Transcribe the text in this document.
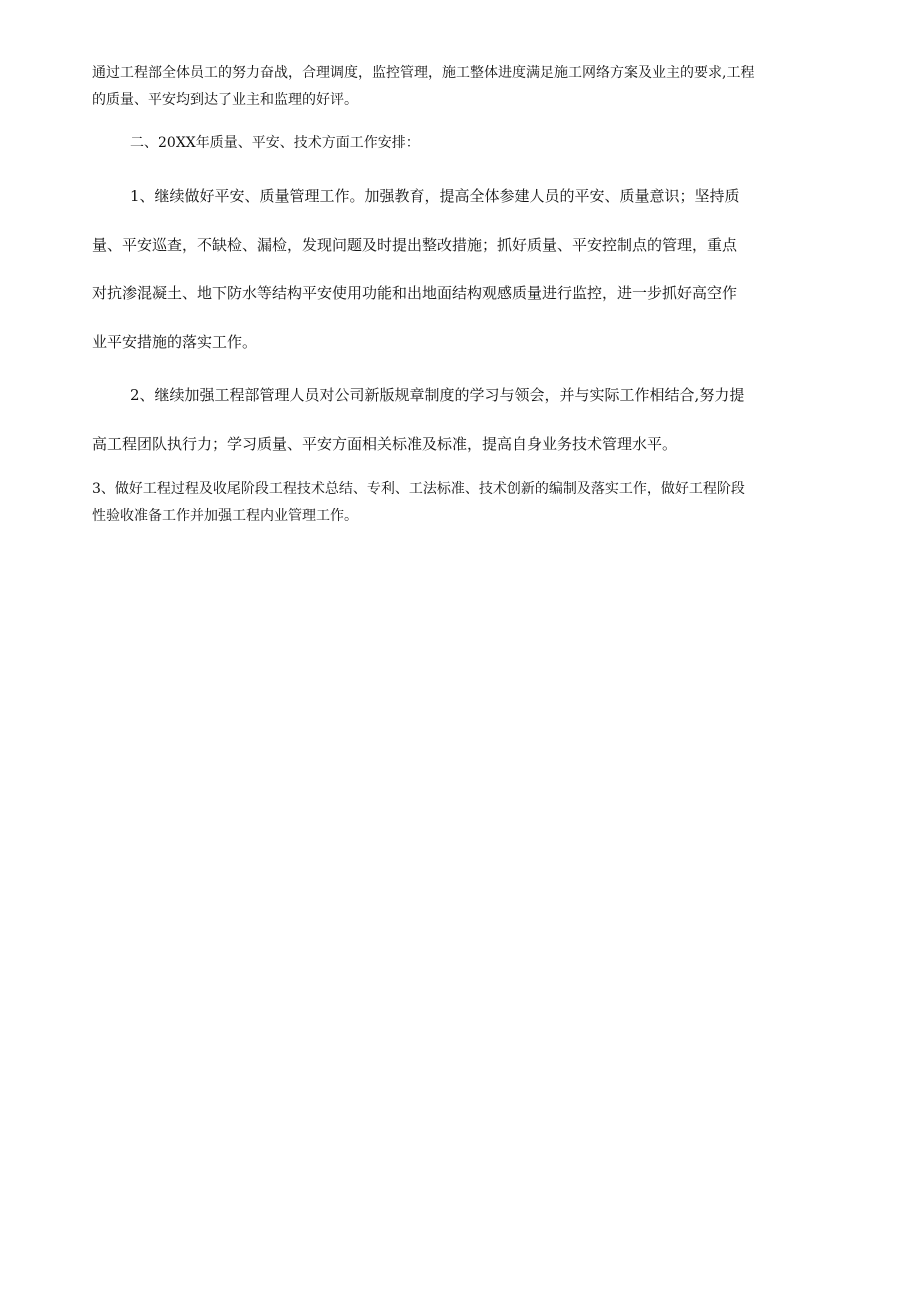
通过工程部全体员工的努力奋战，合理调度，监控管理，施工整体进度满足施工网络方案及业主的要求,工程
的质量、平安均到达了业主和监理的好评。
二、20XX年质量、平安、技术方面工作安排：
1、继续做好平安、质量管理工作。加强教育，提高全体参建人员的平安、质量意识；坚持质
量、平安巡查，不缺检、漏检，发现问题及时提出整改措施；抓好质量、平安控制点的管理，重点
对抗渗混凝土、地下防水等结构平安使用功能和出地面结构观感质量进行监控，进一步抓好高空作
业平安措施的落实工作。
2、继续加强工程部管理人员对公司新版规章制度的学习与领会，并与实际工作相结合,努力提
高工程团队执行力；学习质量、平安方面相关标准及标准，提高自身业务技术管理水平。
3、做好工程过程及收尾阶段工程技术总结、专利、工法标准、技术创新的编制及落实工作，做好工程阶段
性验收准备工作并加强工程内业管理工作。
